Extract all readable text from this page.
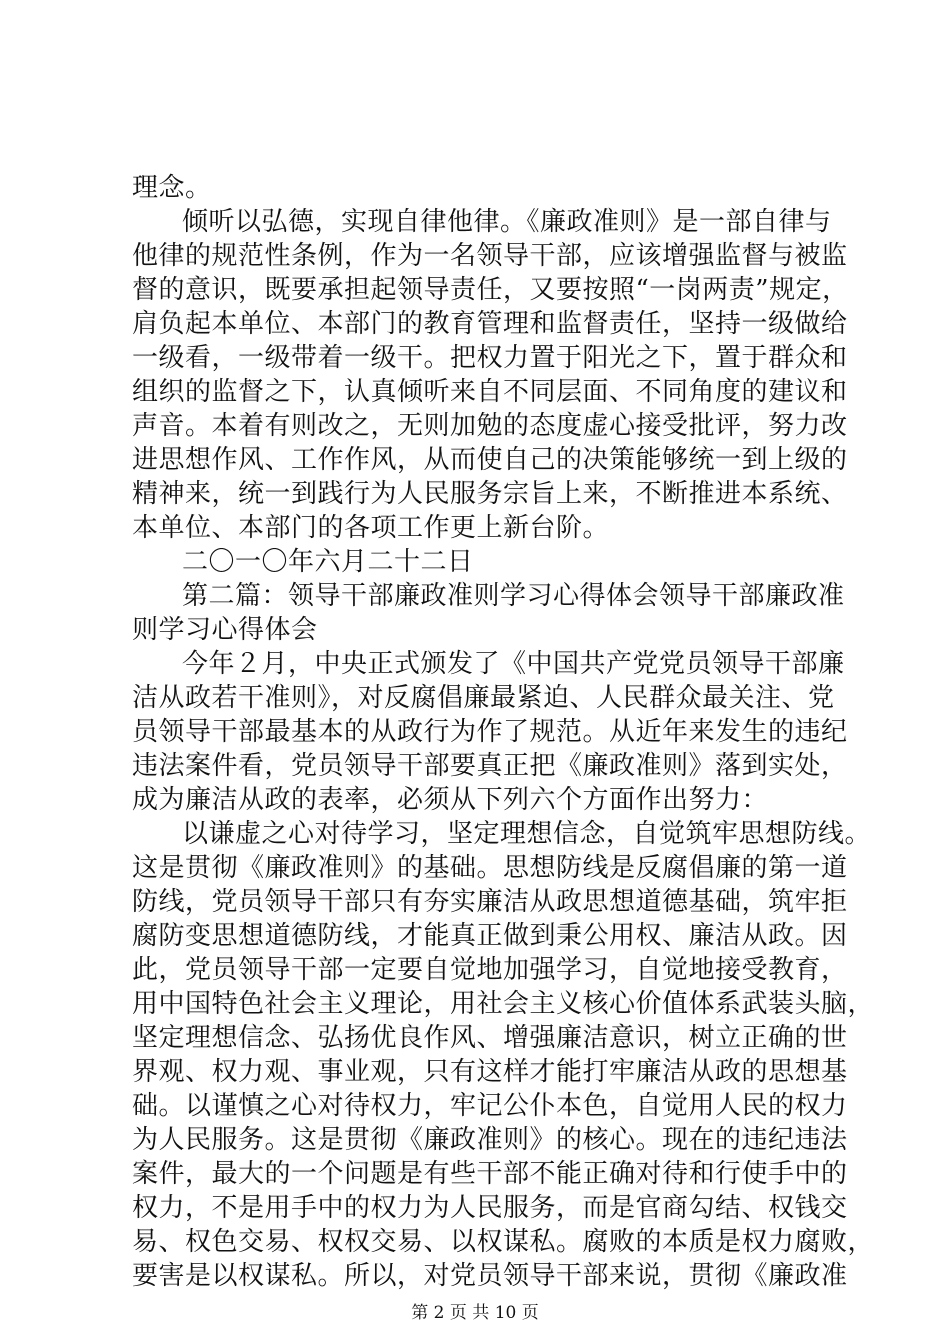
理念。

倾听以弘德，实现自律他律。《廉政准则》是一部自律与

他律的规范性条例，作为一名领导干部，应该增强监督与被监

督的意识，既要承担起领导责任，又要按照“一岗两责”规定，

肩负起本单位、本部门的教育管理和监督责任，坚持一级做给

一级看，一级带着一级干。把权力置于阳光之下，置于群众和

组织的监督之下，认真倾听来自不同层面、不同角度的建议和

声音。本着有则改之，无则加勉的态度虚心接受批评，努力改

进思想作风、工作作风，从而使自己的决策能够统一到上级的

精神来，统一到践行为人民服务宗旨上来，不断推进本系统、

本单位、本部门的各项工作更上新台阶。

二〇一〇年六月二十二日

第二篇：领导干部廉政准则学习心得体会领导干部廉政准

则学习心得体会

今年２月，中央正式颁发了《中国共产党党员领导干部廉

洁从政若干准则》，对反腐倡廉最紧迫、人民群众最关注、党

员领导干部最基本的从政行为作了规范。从近年来发生的违纪

违法案件看，党员领导干部要真正把《廉政准则》落到实处，

成为廉洁从政的表率，必须从下列六个方面作出努力：

以谦虚之心对待学习，坚定理想信念，自觉筑牢思想防线。

这是贯彻《廉政准则》的基础。思想防线是反腐倡廉的第一道

防线，党员领导干部只有夯实廉洁从政思想道德基础，筑牢拒

腐防变思想道德防线，才能真正做到秉公用权、廉洁从政。因

此，党员领导干部一定要自觉地加强学习，自觉地接受教育，

用中国特色社会主义理论，用社会主义核心价值体系武装头脑，

坚定理想信念、弘扬优良作风、增强廉洁意识，树立正确的世

界观、权力观、事业观，只有这样才能打牢廉洁从政的思想基

础。以谨慎之心对待权力，牢记公仆本色，自觉用人民的权力

为人民服务。这是贯彻《廉政准则》的核心。现在的违纪违法

案件，最大的一个问题是有些干部不能正确对待和行使手中的

权力，不是用手中的权力为人民服务，而是官商勾结、权钱交

易、权色交易、权权交易、以权谋私。腐败的本质是权力腐败，

要害是以权谋私。所以，对党员领导干部来说，贯彻《廉政准

第 2 页 共 10 页
